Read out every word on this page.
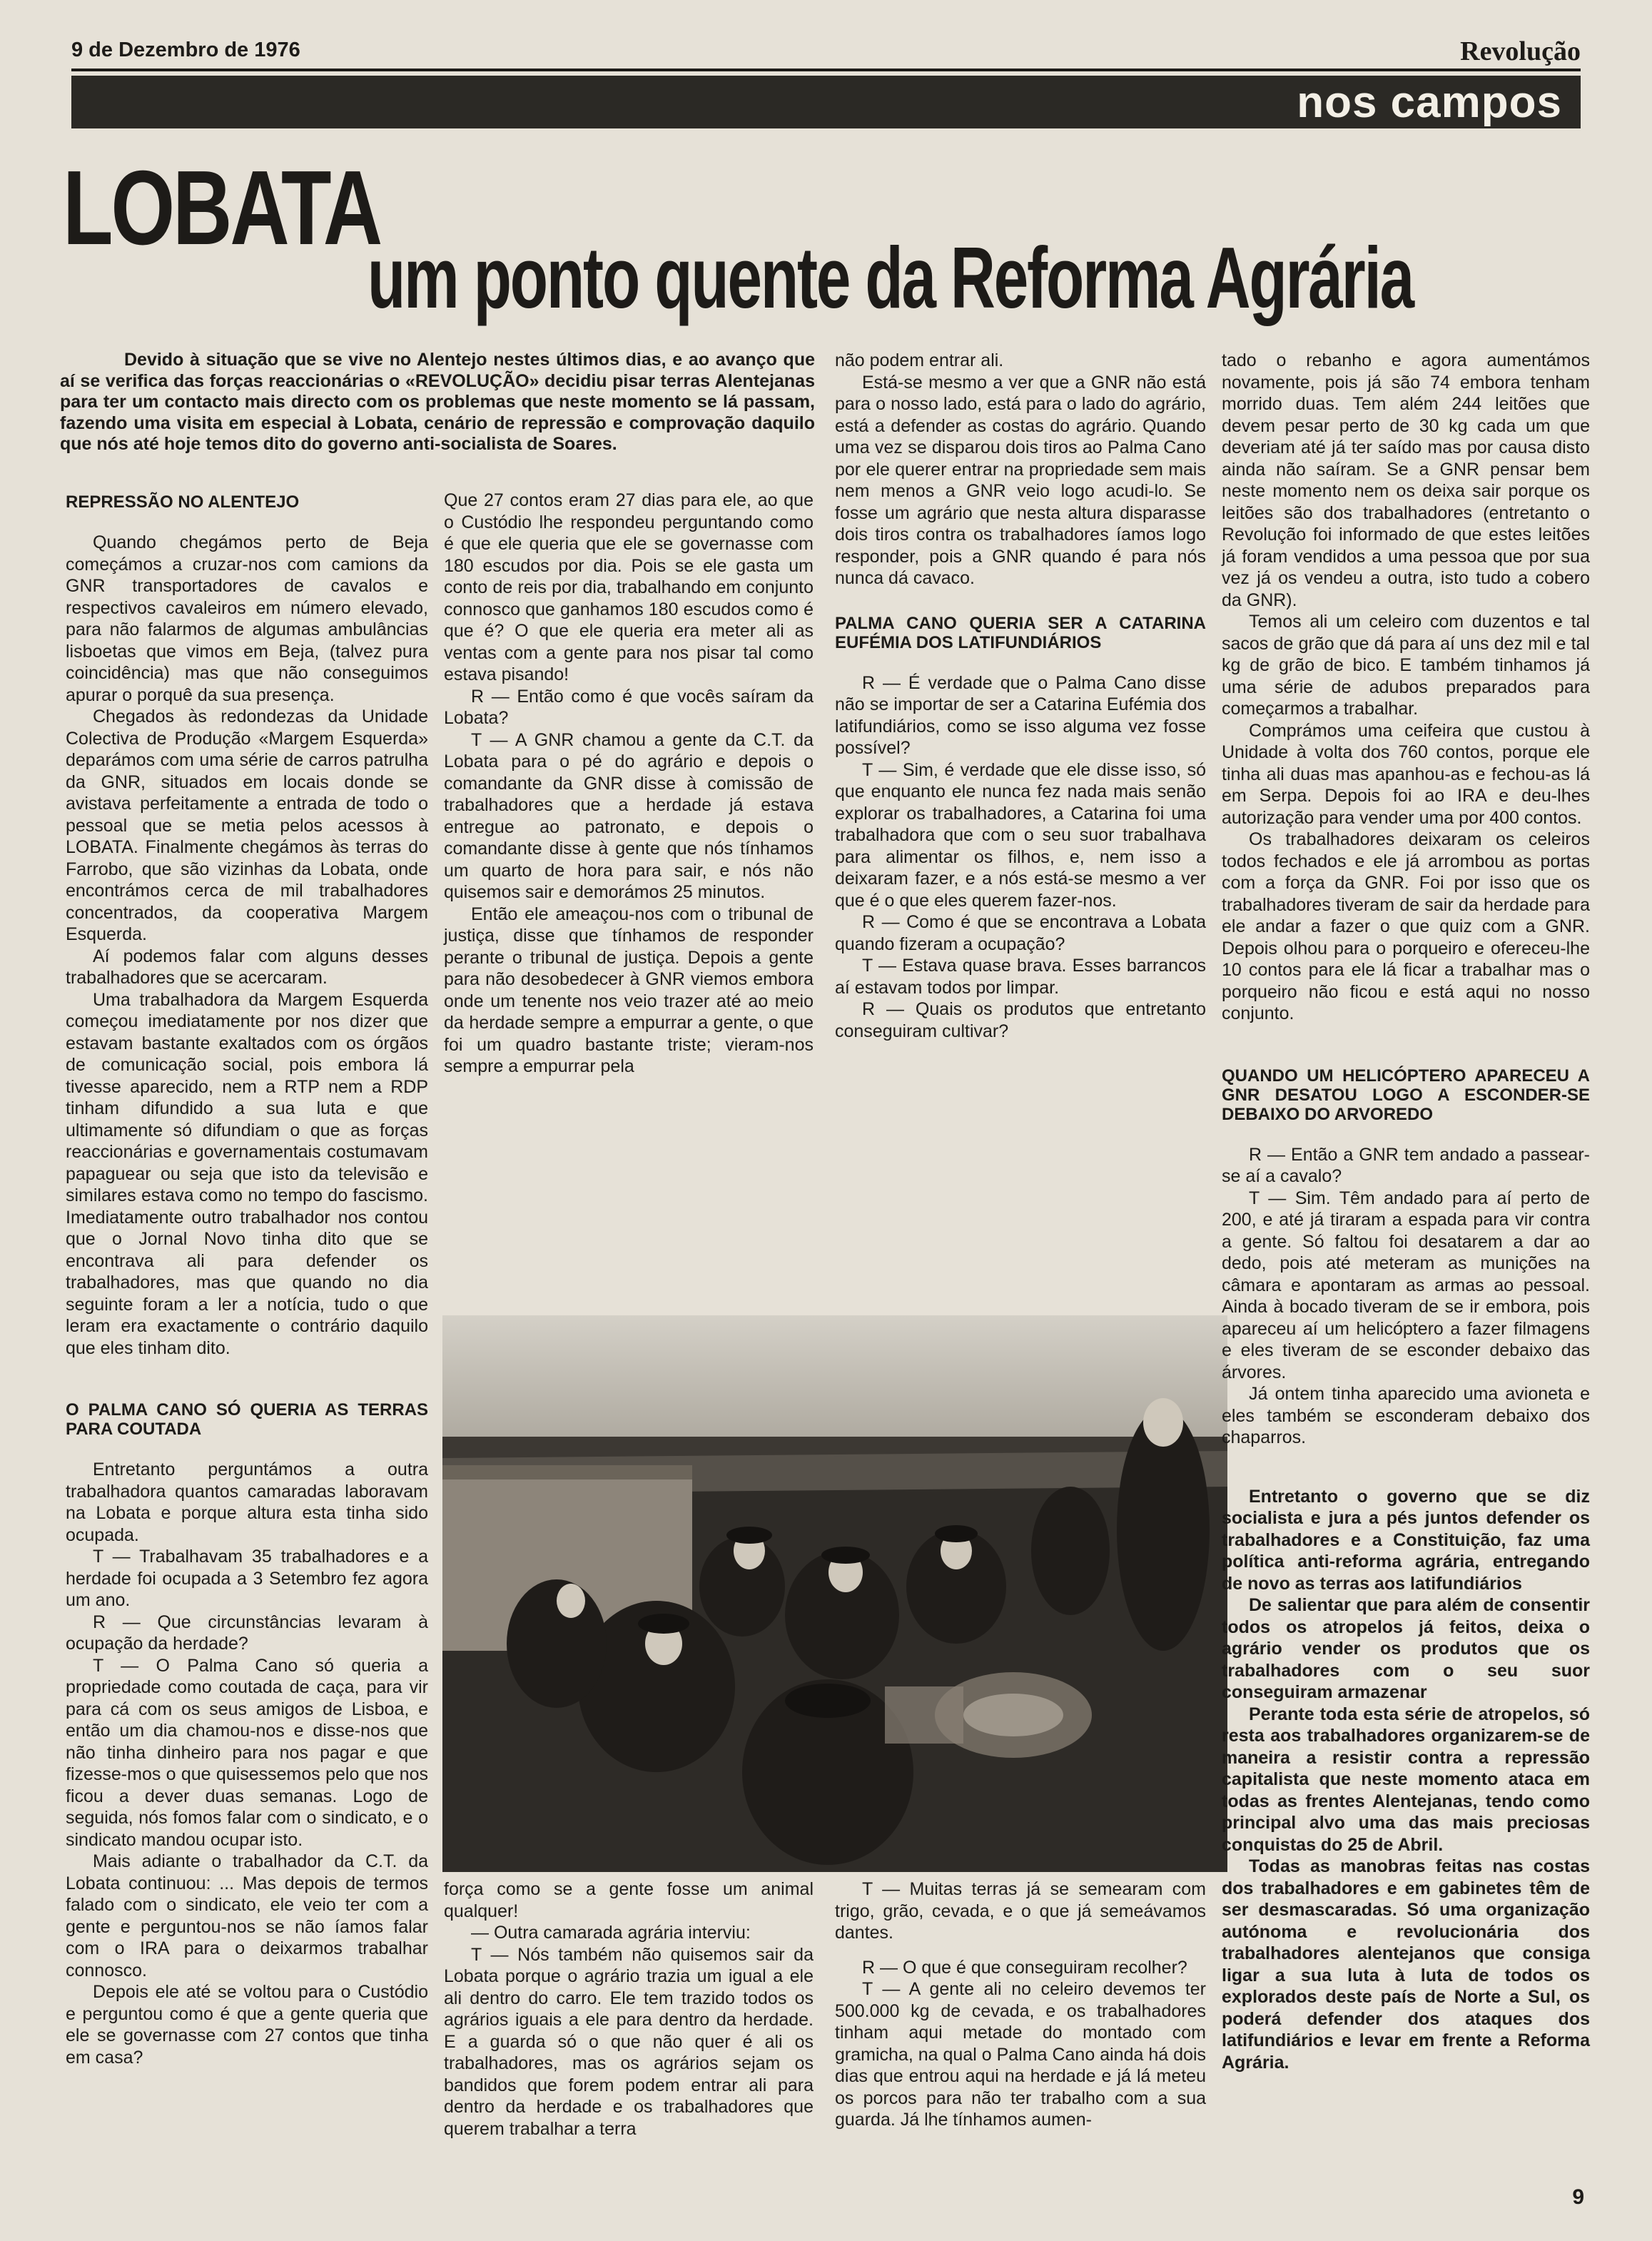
9 de Dezembro de 1976	Revolução
nos campos
LOBATA
um ponto quente da Reforma Agrária

Devido à situação que se vive no Alentejo nestes últimos dias, e ao avanço que aí se verifica das forças reaccionárias o «REVOLUÇÃO» decidiu pisar terras Alentejanas para ter um contacto mais directo com os problemas que neste momento se lá passam, fazendo uma visita em especial à Lobata, cenário de repressão e comprovação daquilo que nós até hoje temos dito do governo anti-socialista de Soares.

REPRESSÃO NO ALENTEJO

Quando chegámos perto de Beja começámos a cruzar-nos com camions da GNR transportadores de cavalos e respectivos cavaleiros em número elevado, para não falarmos de algumas ambulâncias lisboetas que vimos em Beja, (talvez pura coincidência) mas que não conseguimos apurar o porquê da sua presença.

Chegados às redondezas da Unidade Colectiva de Produção «Margem Esquerda» deparámos com uma série de carros patrulha da GNR, situados em locais donde se avistava perfeitamente a entrada de todo o pessoal que se metia pelos acessos à LOBATA. Finalmente chegámos às terras do Farrobo, que são vizinhas da Lobata, onde encontrámos cerca de mil trabalhadores concentrados, da cooperativa Margem Esquerda.

Aí podemos falar com alguns desses trabalhadores que se acercaram.

Uma trabalhadora da Margem Esquerda começou imediatamente por nos dizer que estavam bastante exaltados com os órgãos de comunicação social, pois embora lá tivesse aparecido, nem a RTP nem a RDP tinham difundido a sua luta e que ultimamente só difundiam o que as forças reaccionárias e governamentais costumavam papaguear ou seja que isto da televisão e similares estava como no tempo do fascismo. Imediatamente outro trabalhador nos contou que o Jornal Novo tinha dito que se encontrava ali para defender os trabalhadores, mas que quando no dia seguinte foram a ler a notícia, tudo o que leram era exactamente o contrário daquilo que eles tinham dito.

O PALMA CANO SÓ QUERIA AS TERRAS PARA COUTADA

Entretanto perguntámos a outra trabalhadora quantos camaradas laboravam na Lobata e porque altura esta tinha sido ocupada.

T — Trabalhavam 35 trabalhadores e a herdade foi ocupada a 3 Setembro fez agora um ano.

R — Que circunstâncias levaram à ocupação da herdade?

T — O Palma Cano só queria a propriedade como coutada de caça, para vir para cá com os seus amigos de Lisboa, e então um dia chamou-nos e disse-nos que não tinha dinheiro para nos pagar e que fizesse-mos o que quisessemos pelo que nos ficou a dever duas semanas. Logo de seguida, nós fomos falar com o sindicato, e o sindicato mandou ocupar isto.

Mais adiante o trabalhador da C.T. da Lobata continuou: ... Mas depois de termos falado com o sindicato, ele veio ter com a gente e perguntou-nos se não íamos falar com o IRA para o deixarmos trabalhar connosco.

Depois ele até se voltou para o Custódio e perguntou como é que a gente queria que ele se governasse com 27 contos que tinha em casa?

Que 27 contos eram 27 dias para ele, ao que o Custódio lhe respondeu perguntando como é que ele queria que ele se governasse com 180 escudos por dia. Pois se ele gasta um conto de reis por dia, trabalhando em conjunto connosco que ganhamos 180 escudos como é que é? O que ele queria era meter ali as ventas com a gente para nos pisar tal como estava pisando!

R — Então como é que vocês saíram da Lobata?

T — A GNR chamou a gente da C.T. da Lobata para o pé do agrário e depois o comandante da GNR disse à comissão de trabalhadores que a herdade já estava entregue ao patronato, e depois o comandante disse à gente que nós tínhamos um quarto de hora para sair, e nós não quisemos sair e demorámos 25 minutos.

Então ele ameaçou-nos com o tribunal de justiça, disse que tínhamos de responder perante o tribunal de justiça. Depois a gente para não desobedecer à GNR viemos embora onde um tenente nos veio trazer até ao meio da herdade sempre a empurrar a gente, o que foi um quadro bastante triste; vieram-nos sempre a empurrar pela

não podem entrar ali.

Está-se mesmo a ver que a GNR não está para o nosso lado, está para o lado do agrário, está a defender as costas do agrário. Quando uma vez se disparou dois tiros ao Palma Cano por ele querer entrar na propriedade sem mais nem menos a GNR veio logo acudi-lo. Se fosse um agrário que nesta altura disparasse dois tiros contra os trabalhadores íamos logo responder, pois a GNR quando é para nós nunca dá cavaco.

PALMA CANO QUERIA SER A CATARINA EUFÉMIA DOS LATIFUNDIÁRIOS

R — É verdade que o Palma Cano disse não se importar de ser a Catarina Eufémia dos latifundiários, como se isso alguma vez fosse possível?

T — Sim, é verdade que ele disse isso, só que enquanto ele nunca fez nada mais senão explorar os trabalhadores, a Catarina foi uma trabalhadora que com o seu suor trabalhava para alimentar os filhos, e, nem isso a deixaram fazer, e a nós está-se mesmo a ver que é o que eles querem fazer-nos.

R — Como é que se encontrava a Lobata quando fizeram a ocupação?

T — Estava quase brava. Esses barrancos aí estavam todos por limpar.

R — Quais os produtos que entretanto conseguiram cultivar?

força como se a gente fosse um animal qualquer!

— Outra camarada agrária interviu:

T — Nós também não quisemos sair da Lobata porque o agrário trazia um igual a ele ali dentro do carro. Ele tem trazido todos os agrários iguais a ele para dentro da herdade. E a guarda só o que não quer é ali os trabalhadores, mas os agrários sejam os bandidos que forem podem entrar ali para dentro da herdade e os trabalhadores que querem trabalhar a terra

T — Muitas terras já se semearam com trigo, grão, cevada, e o que já semeávamos dantes.

R — O que é que conseguiram recolher?

T — A gente ali no celeiro devemos ter 500.000 kg de cevada, e os trabalhadores tinham aqui metade do montado com gramicha, na qual o Palma Cano ainda há dois dias que entrou aqui na herdade e já lá meteu os porcos para não ter trabalho com a sua guarda. Já lhe tínhamos aumen-

tado o rebanho e agora aumentámos novamente, pois já são 74 embora tenham morrido duas. Tem além 244 leitões que devem pesar perto de 30 kg cada um que deveriam até já ter saído mas por causa disto ainda não saíram. Se a GNR pensar bem neste momento nem os deixa sair porque os leitões são dos trabalhadores (entretanto o Revolução foi informado de que estes leitões já foram vendidos a uma pessoa que por sua vez já os vendeu a outra, isto tudo a cobero da GNR).

Temos ali um celeiro com duzentos e tal sacos de grão que dá para aí uns dez mil e tal kg de grão de bico. E também tinhamos já uma série de adubos preparados para começarmos a trabalhar.

Comprámos uma ceifeira que custou à Unidade à volta dos 760 contos, porque ele tinha ali duas mas apanhou-as e fechou-as lá em Serpa. Depois foi ao IRA e deu-lhes autorização para vender uma por 400 contos.

Os trabalhadores deixaram os celeiros todos fechados e ele já arrombou as portas com a força da GNR. Foi por isso que os trabalhadores tiveram de sair da herdade para ele andar a fazer o que quiz com a GNR. Depois olhou para o porqueiro e ofereceu-lhe 10 contos para ele lá ficar a trabalhar mas o porqueiro não ficou e está aqui no nosso conjunto.

QUANDO UM HELICÓPTERO APARECEU A GNR DESATOU LOGO A ESCONDER-SE DEBAIXO DO ARVOREDO

R — Então a GNR tem andado a passear-se aí a cavalo?

T — Sim. Têm andado para aí perto de 200, e até já tiraram a espada para vir contra a gente. Só faltou foi desatarem a dar ao dedo, pois até meteram as munições na câmara e apontaram as armas ao pessoal. Ainda à bocado tiveram de se ir embora, pois apareceu aí um helicóptero a fazer filmagens e eles tiveram de se esconder debaixo das árvores.

Já ontem tinha aparecido uma avioneta e eles também se esconderam debaixo dos chaparros.

Entretanto o governo que se diz socialista e jura a pés juntos defender os trabalhadores e a Constituição, faz uma política anti-reforma agrária, entregando de novo as terras aos latifundiários

De salientar que para além de consentir todos os atropelos já feitos, deixa o agrário vender os produtos que os trabalhadores com o seu suor conseguiram armazenar

Perante toda esta série de atropelos, só resta aos trabalhadores organizarem-se de maneira a resistir contra a repressão capitalista que neste momento ataca em todas as frentes Alentejanas, tendo como principal alvo uma das mais preciosas conquistas do 25 de Abril.

Todas as manobras feitas nas costas dos trabalhadores e em gabinetes têm de ser desmascaradas. Só uma organização autónoma e revolucionária dos trabalhadores alentejanos que consiga ligar a sua luta à luta de todos os explorados deste país de Norte a Sul, os poderá defender dos ataques dos latifundiários e levar em frente a Reforma Agrária.

9
